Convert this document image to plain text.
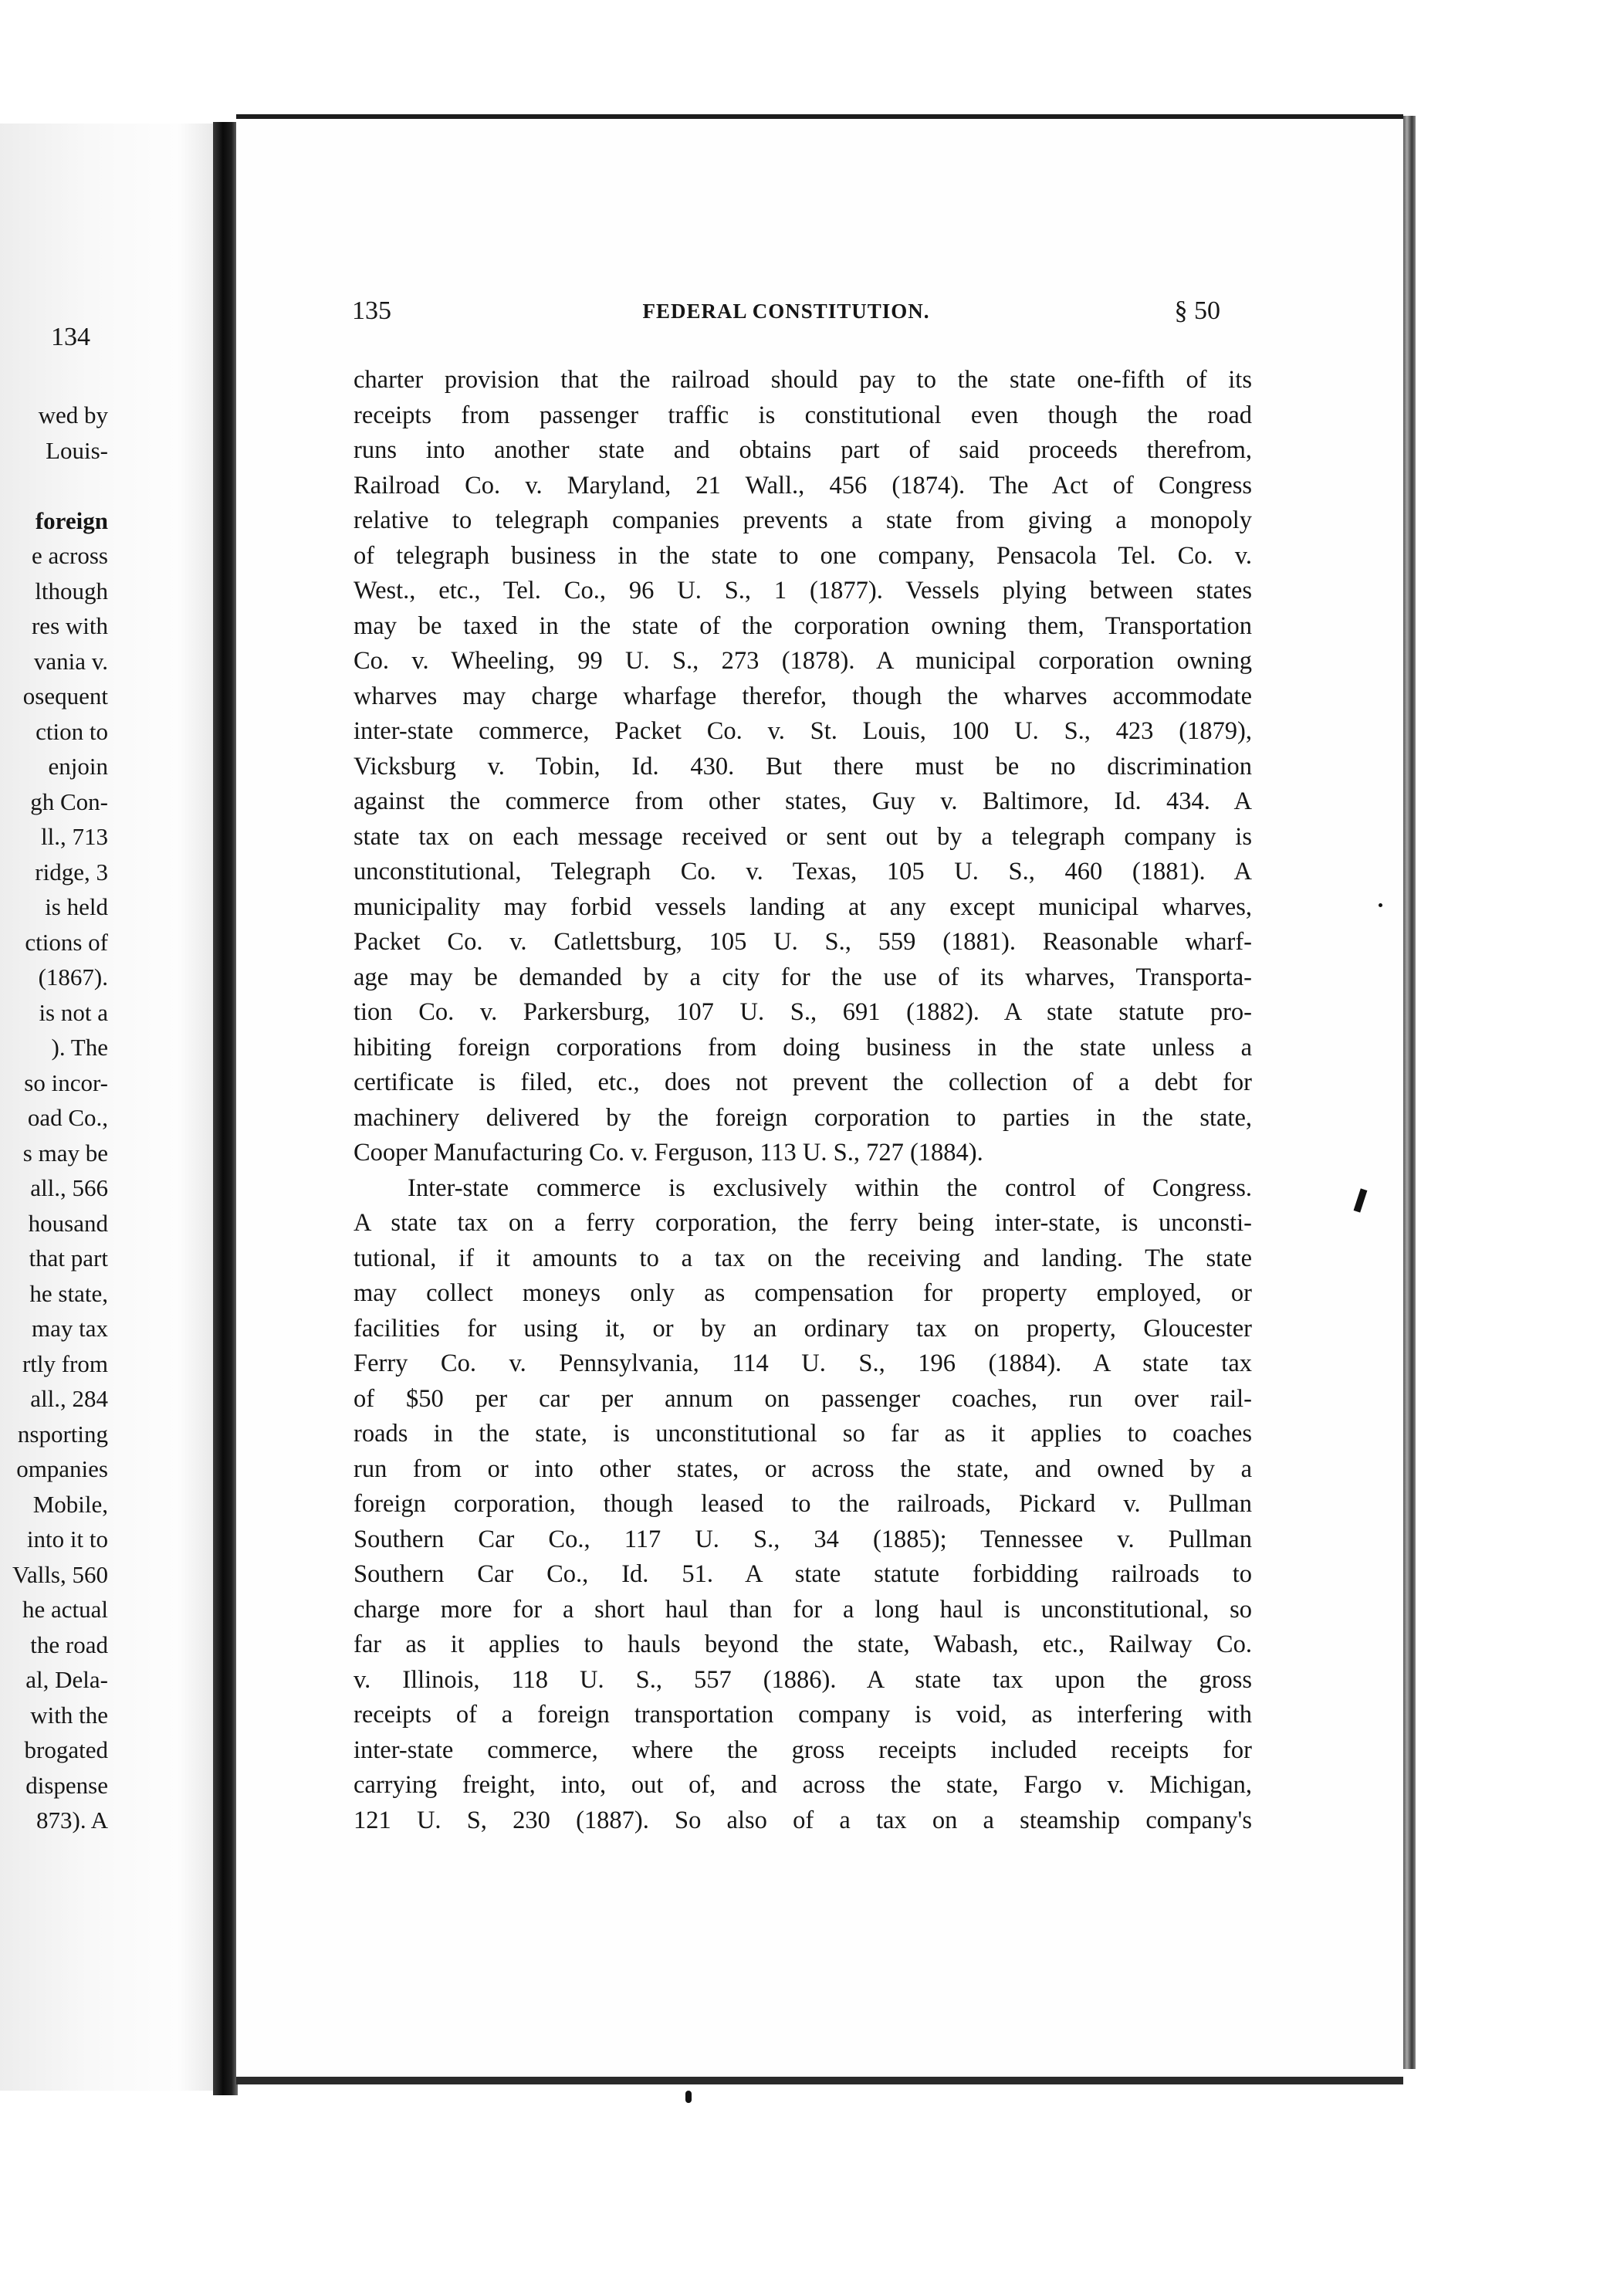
134
wed by
Louis-
foreign
e across
lthough
res with
vania v.
osequent
ction to
enjoin
gh Con-
ll., 713
ridge, 3
is held
ctions of
(1867).
is not a
). The
so incor-
oad Co.,
s may be
all., 566
housand
that part
he state,
may tax
rtly from
all., 284
nsporting
ompanies
Mobile,
into it to
Valls, 560
he actual
the road
al, Dela-
with the
brogated
dispense
873). A
135	FEDERAL CONSTITUTION.	§ 50
charter provision that the railroad should pay to the state one-fifth of its
receipts from passenger traffic is constitutional even though the road
runs into another state and obtains part of said proceeds therefrom,
Railroad Co. v. Maryland, 21 Wall., 456 (1874). The Act of Congress
relative to telegraph companies prevents a state from giving a monopoly
of telegraph business in the state to one company, Pensacola Tel. Co. v.
West., etc., Tel. Co., 96 U. S., 1 (1877). Vessels plying between states
may be taxed in the state of the corporation owning them, Transportation
Co. v. Wheeling, 99 U. S., 273 (1878). A municipal corporation owning
wharves may charge wharfage therefor, though the wharves accommodate
inter-state commerce, Packet Co. v. St. Louis, 100 U. S., 423 (1879),
Vicksburg v. Tobin, Id. 430. But there must be no discrimination
against the commerce from other states, Guy v. Baltimore, Id. 434. A
state tax on each message received or sent out by a telegraph company is
unconstitutional, Telegraph Co. v. Texas, 105 U. S., 460 (1881). A
municipality may forbid vessels landing at any except municipal wharves,
Packet Co. v. Catlettsburg, 105 U. S., 559 (1881). Reasonable wharf-
age may be demanded by a city for the use of its wharves, Transporta-
tion Co. v. Parkersburg, 107 U. S., 691 (1882). A state statute pro-
hibiting foreign corporations from doing business in the state unless a
certificate is filed, etc., does not prevent the collection of a debt for
machinery delivered by the foreign corporation to parties in the state,
Cooper Manufacturing Co. v. Ferguson, 113 U. S., 727 (1884).
Inter-state commerce is exclusively within the control of Congress.
A state tax on a ferry corporation, the ferry being inter-state, is unconsti-
tutional, if it amounts to a tax on the receiving and landing. The state
may collect moneys only as compensation for property employed, or
facilities for using it, or by an ordinary tax on property, Gloucester
Ferry Co. v. Pennsylvania, 114 U. S., 196 (1884). A state tax
of $50 per car per annum on passenger coaches, run over rail-
roads in the state, is unconstitutional so far as it applies to coaches
run from or into other states, or across the state, and owned by a
foreign corporation, though leased to the railroads, Pickard v. Pullman
Southern Car Co., 117 U. S., 34 (1885); Tennessee v. Pullman
Southern Car Co., Id. 51. A state statute forbidding railroads to
charge more for a short haul than for a long haul is unconstitutional, so
far as it applies to hauls beyond the state, Wabash, etc., Railway Co.
v. Illinois, 118 U. S., 557 (1886). A state tax upon the gross
receipts of a foreign transportation company is void, as interfering with
inter-state commerce, where the gross receipts included receipts for
carrying freight, into, out of, and across the state, Fargo v. Michigan,
121 U. S, 230 (1887). So also of a tax on a steamship company's
